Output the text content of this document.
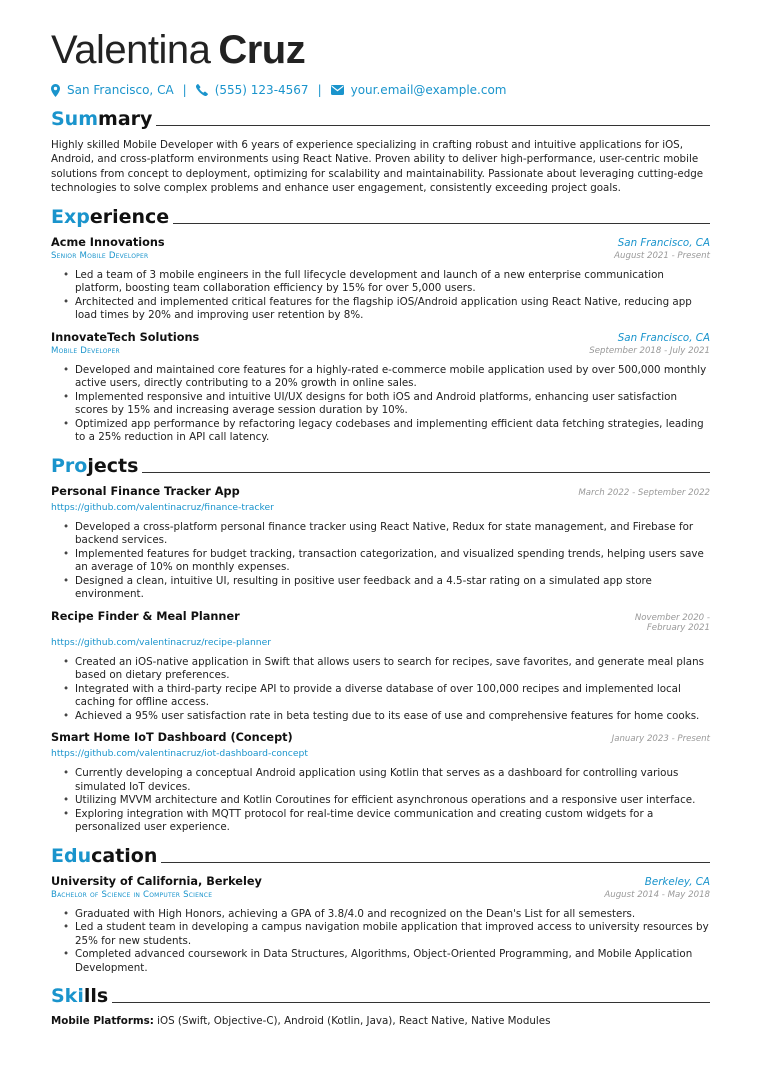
Valentina Cruz
San Francisco, CA | (555) 123-4567 | your.email@example.com
Sum mary

Highly skilled Mobile Developer with 6 years of experience specializing in crafting robust and intuitive applications for iOS, Android, and cross-platform environments using React Native. Proven ability to deliver high-performance, user-centric mobile solutions from concept to deployment, optimizing for scalability and maintainability. Passionate about leveraging cutting-edge technologies to solve complex problems and enhance user engagement, consistently exceeding project goals.

Exp erience
Acme Innovations	San Francisco, CA
Senior Mobile Developer	August 2021 - Present
• Led a team of 3 mobile engineers in the full lifecycle development and launch of a new enterprise communication platform, boosting team collaboration efficiency by 15% for over 5,000 users.
• Architected and implemented critical features for the flagship iOS/Android application using React Native, reducing app load times by 20% and improving user retention by 8%.
InnovateTech Solutions	San Francisco, CA
Mobile Developer	September 2018 - July 2021
• Developed and maintained core features for a highly-rated e-commerce mobile application used by over 500,000 monthly active users, directly contributing to a 20% growth in online sales.
• Implemented responsive and intuitive UI/UX designs for both iOS and Android platforms, enhancing user satisfaction scores by 15% and increasing average session duration by 10%.
• Optimized app performance by refactoring legacy codebases and implementing efficient data fetching strategies, leading to a 25% reduction in API call latency.
Pro jects
Personal Finance Tracker App	March 2022 - September 2022
https://github.com/valentinacruz/finance-tracker
• Developed a cross-platform personal finance tracker using React Native, Redux for state management, and Firebase for backend services.
• Implemented features for budget tracking, transaction categorization, and visualized spending trends, helping users save an average of 10% on monthly expenses.
• Designed a clean, intuitive UI, resulting in positive user feedback and a 4.5-star rating on a simulated app store environment.
Recipe Finder & Meal Planner	November 2020 - February 2021
https://github.com/valentinacruz/recipe-planner
• Created an iOS-native application in Swift that allows users to search for recipes, save favorites, and generate meal plans based on dietary preferences.
• Integrated with a third-party recipe API to provide a diverse database of over 100,000 recipes and implemented local caching for offline access.
• Achieved a 95% user satisfaction rate in beta testing due to its ease of use and comprehensive features for home cooks.
Smart Home IoT Dashboard (Concept)	January 2023 - Present
https://github.com/valentinacruz/iot-dashboard-concept
• Currently developing a conceptual Android application using Kotlin that serves as a dashboard for controlling various simulated IoT devices.
• Utilizing MVVM architecture and Kotlin Coroutines for efficient asynchronous operations and a responsive user interface.
• Exploring integration with MQTT protocol for real-time device communication and creating custom widgets for a personalized user experience.
Edu cation
University of California, Berkeley	Berkeley, CA
Bachelor of Science in Computer Science	August 2014 - May 2018
• Graduated with High Honors, achieving a GPA of 3.8/4.0 and recognized on the Dean's List for all semesters.
• Led a student team in developing a campus navigation mobile application that improved access to university resources by 25% for new students.
• Completed advanced coursework in Data Structures, Algorithms, Object-Oriented Programming, and Mobile Application Development.
Ski lls
Mobile Platforms: iOS (Swift, Objective-C), Android (Kotlin, Java), React Native, Native Modules
